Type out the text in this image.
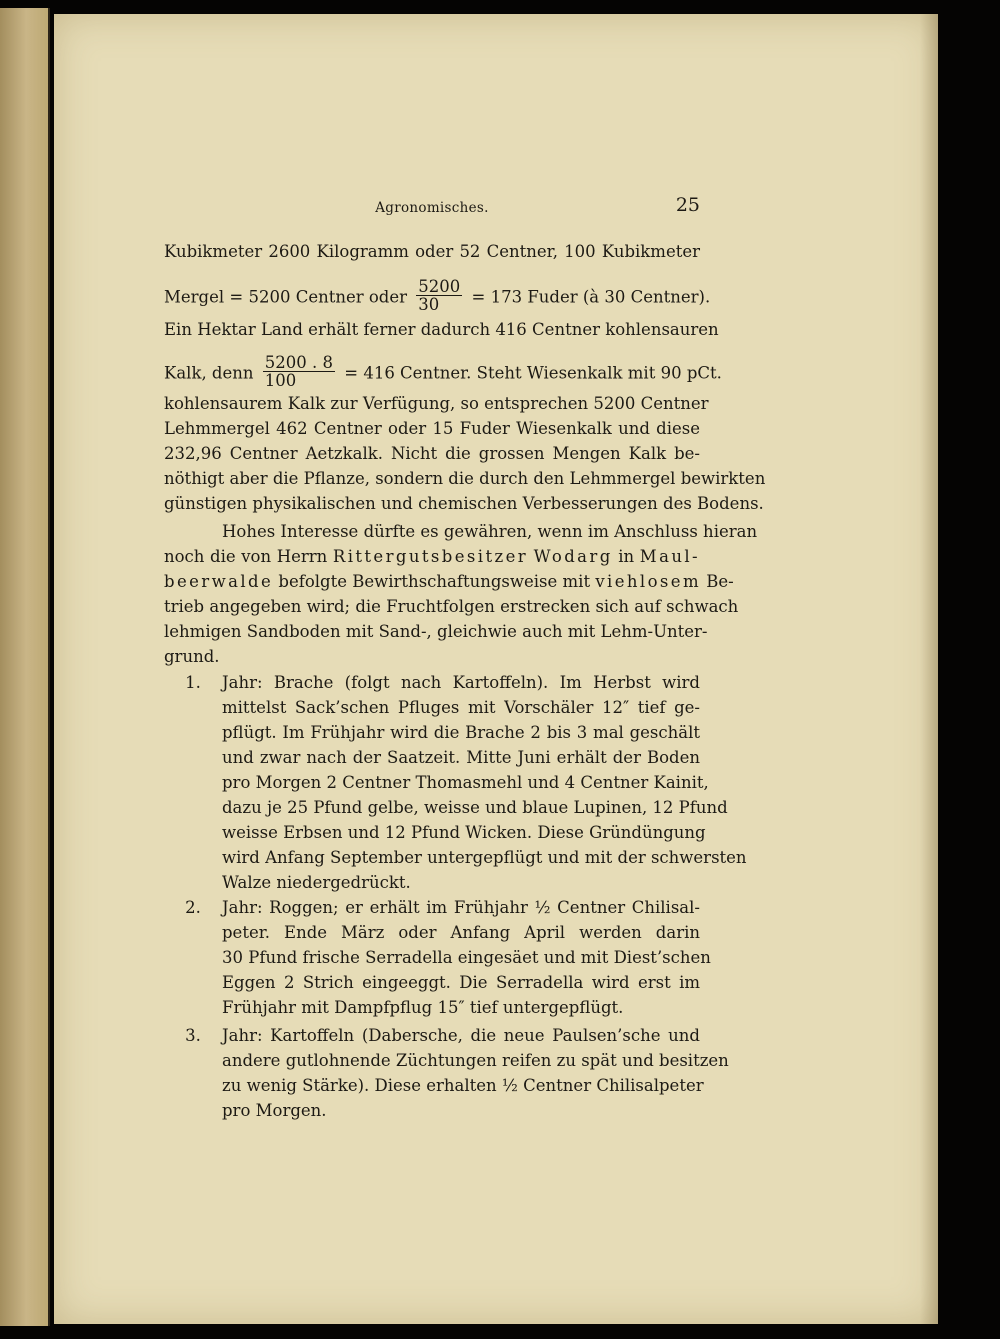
Agronomisches.	25
Kubikmeter 2600 Kilogramm oder 52 Centner, 100 Kubikmeter
Mergel = 5200 Centner oder $\frac{5200}{30} = 173$ Fuder (à 30 Centner).
Ein Hektar Land erhält ferner dadurch 416 Centner kohlensauren
Kalk, denn $\frac{5200 . 8}{100} = 416$ Centner. Steht Wiesenkalk mit 90 pCt.
kohlensaurem Kalk zur Verfügung, so entsprechen 5200 Centner
Lehmmergel 462 Centner oder 15 Fuder Wiesenkalk und diese
232,96 Centner Aetzkalk. Nicht die grossen Mengen Kalk be-
nöthigt aber die Pflanze, sondern die durch den Lehmmergel bewirkten
günstigen physikalischen und chemischen Verbesserungen des Bodens.
Hohes Interesse dürfte es gewähren, wenn im Anschluss hieran
noch die von Herrn Rittergutsbesitzer Wodarg in Maul-
beerwalde befolgte Bewirthschaftungsweise mit viehlosem Be-
trieb angegeben wird; die Fruchtfolgen erstrecken sich auf schwach
lehmigen Sandboden mit Sand-, gleichwie auch mit Lehm-Unter-
grund.
1.	Jahr: Brache (folgt nach Kartoffeln). Im Herbst wird
mittelst Sack’schen Pfluges mit Vorschäler 12″ tief ge-
pflügt. Im Frühjahr wird die Brache 2 bis 3 mal geschält
und zwar nach der Saatzeit. Mitte Juni erhält der Boden
pro Morgen 2 Centner Thomasmehl und 4 Centner Kainit,
dazu je 25 Pfund gelbe, weisse und blaue Lupinen, 12 Pfund
weisse Erbsen und 12 Pfund Wicken. Diese Gründüngung
wird Anfang September untergepflügt und mit der schwersten
Walze niedergedrückt.
2.	Jahr: Roggen; er erhält im Frühjahr ½ Centner Chilisal-
peter. Ende März oder Anfang April werden darin
30 Pfund frische Serradella eingesäet und mit Diest’schen
Eggen 2 Strich eingeeggt. Die Serradella wird erst im
Frühjahr mit Dampfpflug 15″ tief untergepflügt.
3.	Jahr: Kartoffeln (Dabersche, die neue Paulsen’sche und
andere gutlohnende Züchtungen reifen zu spät und besitzen
zu wenig Stärke). Diese erhalten ½ Centner Chilisalpeter
pro Morgen.
